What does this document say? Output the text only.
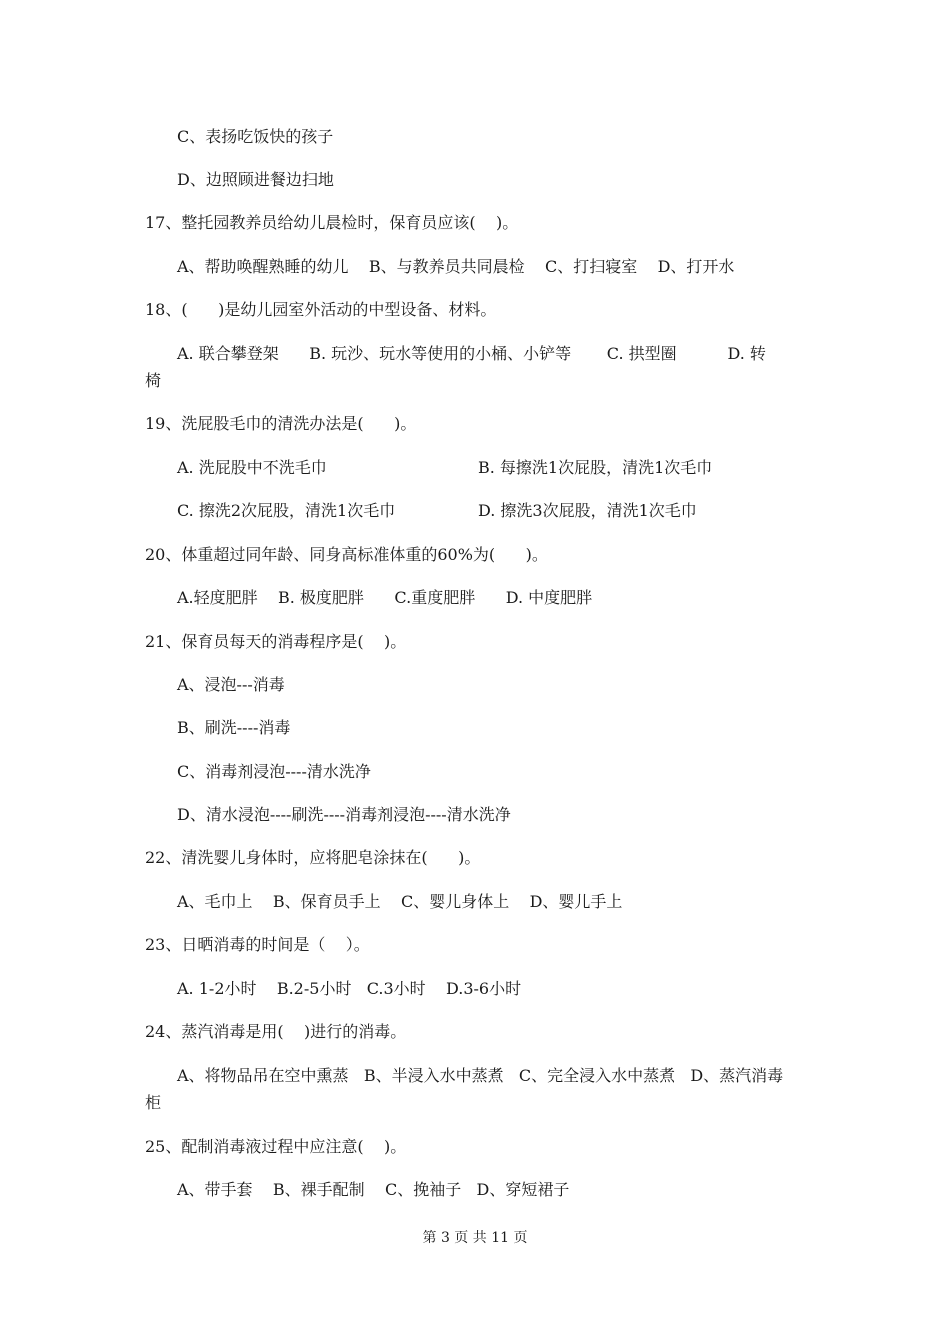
C、表扬吃饭快的孩子
D、边照顾进餐边扫地
17、整托园教养员给幼儿晨检时，保育员应该(    )。
A、帮助唤醒熟睡的幼儿    B、与教养员共同晨检    C、打扫寝室    D、打开水
18、(      )是幼儿园室外活动的中型设备、材料。
A. 联合攀登架      B. 玩沙、玩水等使用的小桶、小铲等       C. 拱型圈          D. 转
椅
19、洗屁股毛巾的清洗办法是(      )。
A. 洗屁股中不洗毛巾	B. 每擦洗1次屁股，清洗1次毛巾
C. 擦洗2次屁股，清洗1次毛巾	D. 擦洗3次屁股，清洗1次毛巾
20、体重超过同年龄、同身高标准体重的60%为(      )。
A.轻度肥胖    B. 极度肥胖      C.重度肥胖      D. 中度肥胖
21、保育员每天的消毒程序是(    )。
A、浸泡---消毒
B、刷洗----消毒
C、消毒剂浸泡----清水洗净
D、清水浸泡----刷洗----消毒剂浸泡----清水洗净
22、清洗婴儿身体时，应将肥皂涂抹在(      )。
A、毛巾上    B、保育员手上    C、婴儿身体上    D、婴儿手上
23、日晒消毒的时间是（    ）。
A. 1-2小时    B.2-5小时   C.3小时    D.3-6小时
24、蒸汽消毒是用(    )进行的消毒。
A、将物品吊在空中熏蒸   B、半浸入水中蒸煮   C、完全浸入水中蒸煮   D、蒸汽消毒
柜
25、配制消毒液过程中应注意(    )。
A、带手套    B、裸手配制    C、挽袖子   D、穿短裙子
第 3 页 共 11 页
